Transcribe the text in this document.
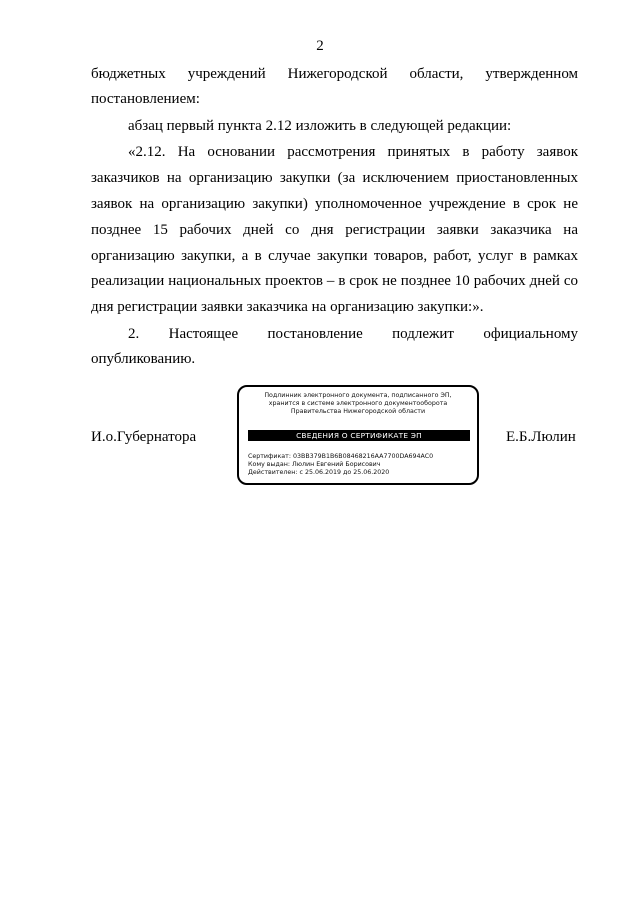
2
бюджетных учреждений Нижегородской области, утвержденном
постановлением:
абзац первый пункта 2.12 изложить в следующей редакции:
«2.12. На основании рассмотрения принятых в работу заявок
заказчиков на организацию закупки (за исключением приостановленных
заявок на организацию закупки) уполномоченное учреждение в срок не
позднее 15 рабочих дней со дня регистрации заявки заказчика на
организацию закупки, а в случае закупки товаров, работ, услуг в рамках
реализации национальных проектов – в срок не позднее 10 рабочих дней со
дня регистрации заявки заказчика на организацию закупки:».
2. Настоящее постановление подлежит официальному
опубликованию.
И.о.Губернатора
Подлинник электронного документа, подписанного ЭП,
хранится в системе электронного документооборота
Правительства Нижегородской области
СВЕДЕНИЯ О СЕРТИФИКАТЕ ЭП
Сертификат: 03BB379B1B6B08468216AA7700DA694AC0
Кому выдан: Люлин Евгений Борисович
Действителен: с 25.06.2019 до 25.06.2020
Е.Б.Люлин
